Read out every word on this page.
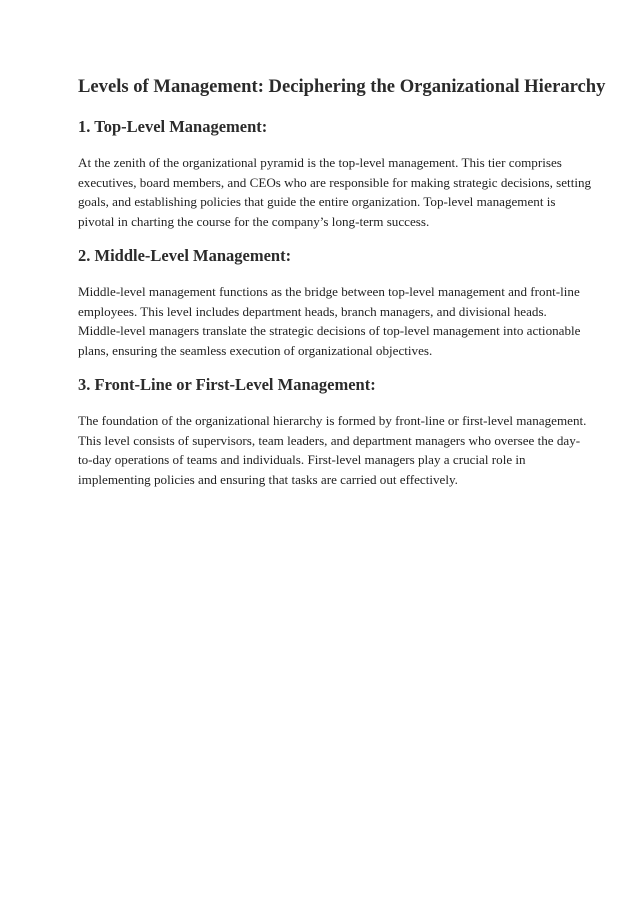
Levels of Management: Deciphering the Organizational Hierarchy
1. Top-Level Management:

At the zenith of the organizational pyramid is the top-level management. This tier comprises
executives, board members, and CEOs who are responsible for making strategic decisions, setting
goals, and establishing policies that guide the entire organization. Top-level management is
pivotal in charting the course for the company’s long-term success.

2. Middle-Level Management:

Middle-level management functions as the bridge between top-level management and front-line
employees. This level includes department heads, branch managers, and divisional heads.
Middle-level managers translate the strategic decisions of top-level management into actionable
plans, ensuring the seamless execution of organizational objectives.

3. Front-Line or First-Level Management:

The foundation of the organizational hierarchy is formed by front-line or first-level management.
This level consists of supervisors, team leaders, and department managers who oversee the day-
to-day operations of teams and individuals. First-level managers play a crucial role in
implementing policies and ensuring that tasks are carried out effectively.
